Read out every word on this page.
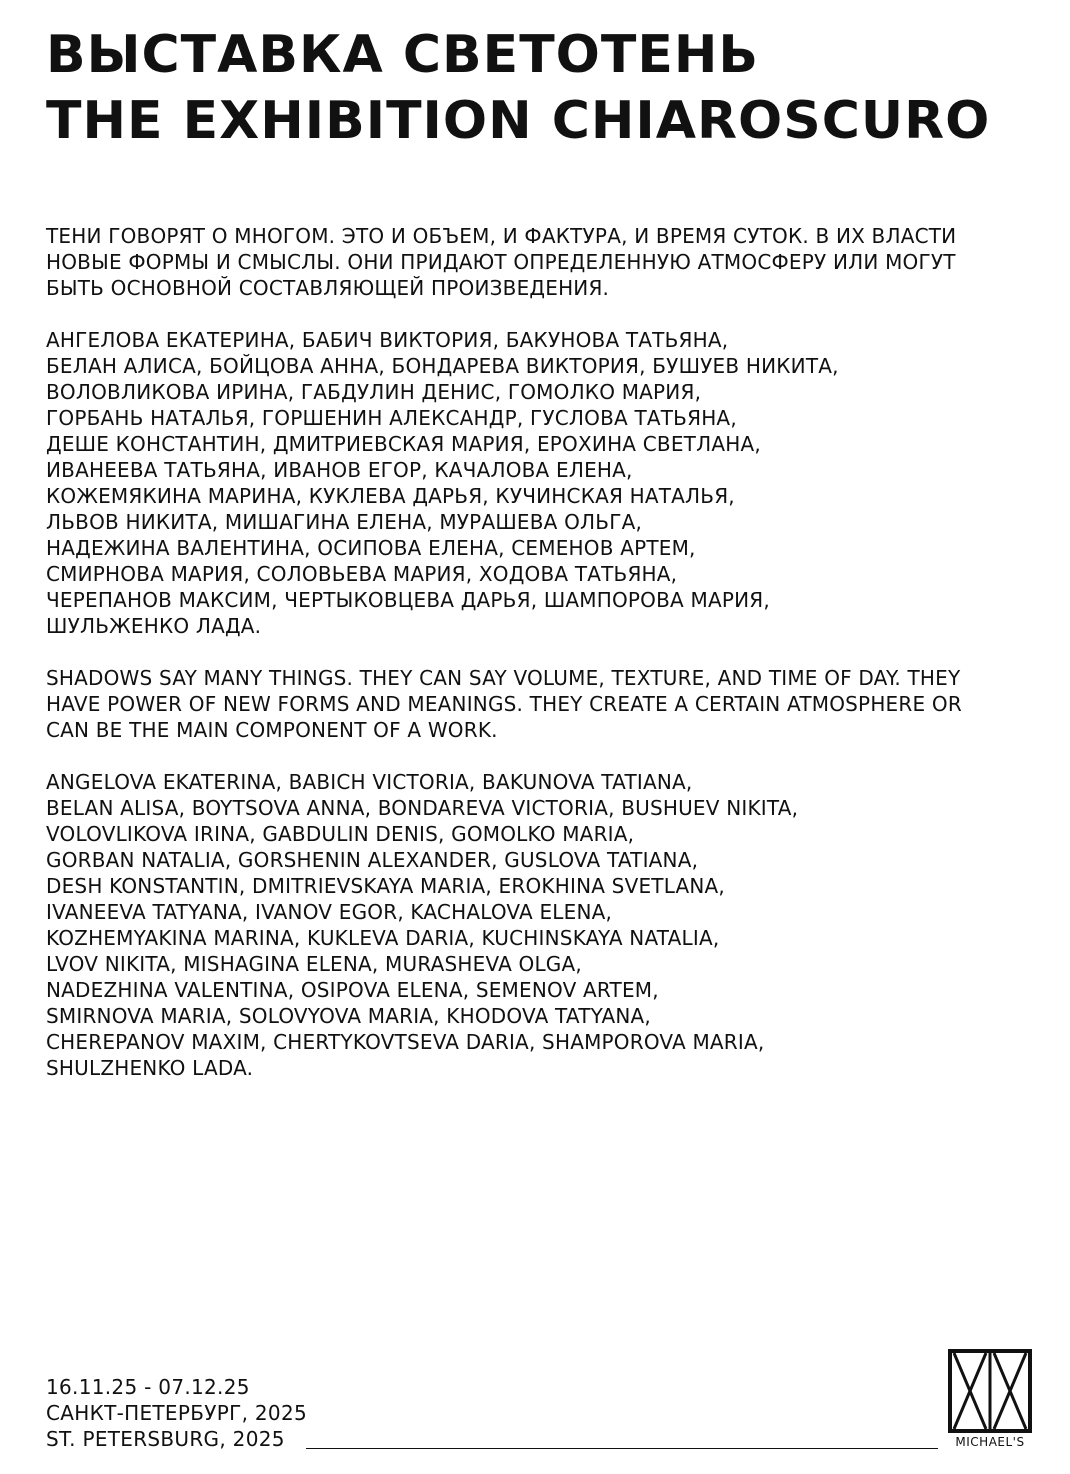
ВЫСТАВКА СВЕТОТЕНЬ
THE EXHIBITION CHIAROSCURO

ТЕНИ ГОВОРЯТ О МНОГОМ. ЭТО И ОБЪЕМ, И ФАКТУРА, И ВРЕМЯ СУТОК. В ИХ ВЛАСТИ
НОВЫЕ ФОРМЫ И СМЫСЛЫ. ОНИ ПРИДАЮТ ОПРЕДЕЛЕННУЮ АТМОСФЕРУ ИЛИ МОГУТ
БЫТЬ ОСНОВНОЙ СОСТАВЛЯЮЩЕЙ ПРОИЗВЕДЕНИЯ.

АНГЕЛОВА ЕКАТЕРИНА, БАБИЧ ВИКТОРИЯ, БАКУНОВА ТАТЬЯНА,
БЕЛАН АЛИСА, БОЙЦОВА АННА, БОНДАРЕВА ВИКТОРИЯ, БУШУЕВ НИКИТА,
ВОЛОВЛИКОВА ИРИНА, ГАБДУЛИН ДЕНИС, ГОМОЛКО МАРИЯ,
ГОРБАНЬ НАТАЛЬЯ, ГОРШЕНИН АЛЕКСАНДР, ГУСЛОВА ТАТЬЯНА,
ДЕШЕ КОНСТАНТИН, ДМИТРИЕВСКАЯ МАРИЯ, ЕРОХИНА СВЕТЛАНА,
ИВАНЕЕВА ТАТЬЯНА, ИВАНОВ ЕГОР, КАЧАЛОВА ЕЛЕНА,
КОЖЕМЯКИНА МАРИНА, КУКЛЕВА ДАРЬЯ, КУЧИНСКАЯ НАТАЛЬЯ,
ЛЬВОВ НИКИТА, МИШАГИНА ЕЛЕНА, МУРАШЕВА ОЛЬГА,
НАДЕЖИНА ВАЛЕНТИНА, ОСИПОВА ЕЛЕНА, СЕМЕНОВ АРТЕМ,
СМИРНОВА МАРИЯ, СОЛОВЬЕВА МАРИЯ, ХОДОВА ТАТЬЯНА,
ЧЕРЕПАНОВ МАКСИМ, ЧЕРТЫКОВЦЕВА ДАРЬЯ, ШАМПОРОВА МАРИЯ,
ШУЛЬЖЕНКО ЛАДА.

SHADOWS SAY MANY THINGS. THEY CAN SAY VOLUME, TEXTURE, AND TIME OF DAY. THEY
HAVE POWER OF NEW FORMS AND MEANINGS. THEY CREATE A CERTAIN ATMOSPHERE OR
CAN BE THE MAIN COMPONENT OF A WORK.

ANGELOVA EKATERINA, BABICH VICTORIA, BAKUNOVA TATIANA,
BELAN ALISA, BOYTSOVA ANNA, BONDAREVA VICTORIA, BUSHUEV NIKITA,
VOLOVLIKOVA IRINA, GABDULIN DENIS, GOMOLKO MARIA,
GORBAN NATALIA, GORSHENIN ALEXANDER, GUSLOVA TATIANA,
DESH KONSTANTIN, DMITRIEVSKAYA MARIA, EROKHINA SVETLANA,
IVANEEVA TATYANA, IVANOV EGOR, KACHALOVA ELENA,
KOZHEMYAKINA MARINA, KUKLEVA DARIA, KUCHINSKAYA NATALIA,
LVOV NIKITA, MISHAGINA ELENA, MURASHEVA OLGA,
NADEZHINA VALENTINA, OSIPOVA ELENA, SEMENOV ARTEM,
SMIRNOVA MARIA, SOLOVYOVA MARIA, KHODOVA TATYANA,
CHEREPANOV MAXIM, CHERTYKOVTSEVA DARIA, SHAMPOROVA MARIA,
SHULZHENKO LADA.

16.11.25 - 07.12.25
САНКТ-ПЕТЕРБУРГ, 2025
ST. PETERSBURG, 2025	MICHAEL'S
